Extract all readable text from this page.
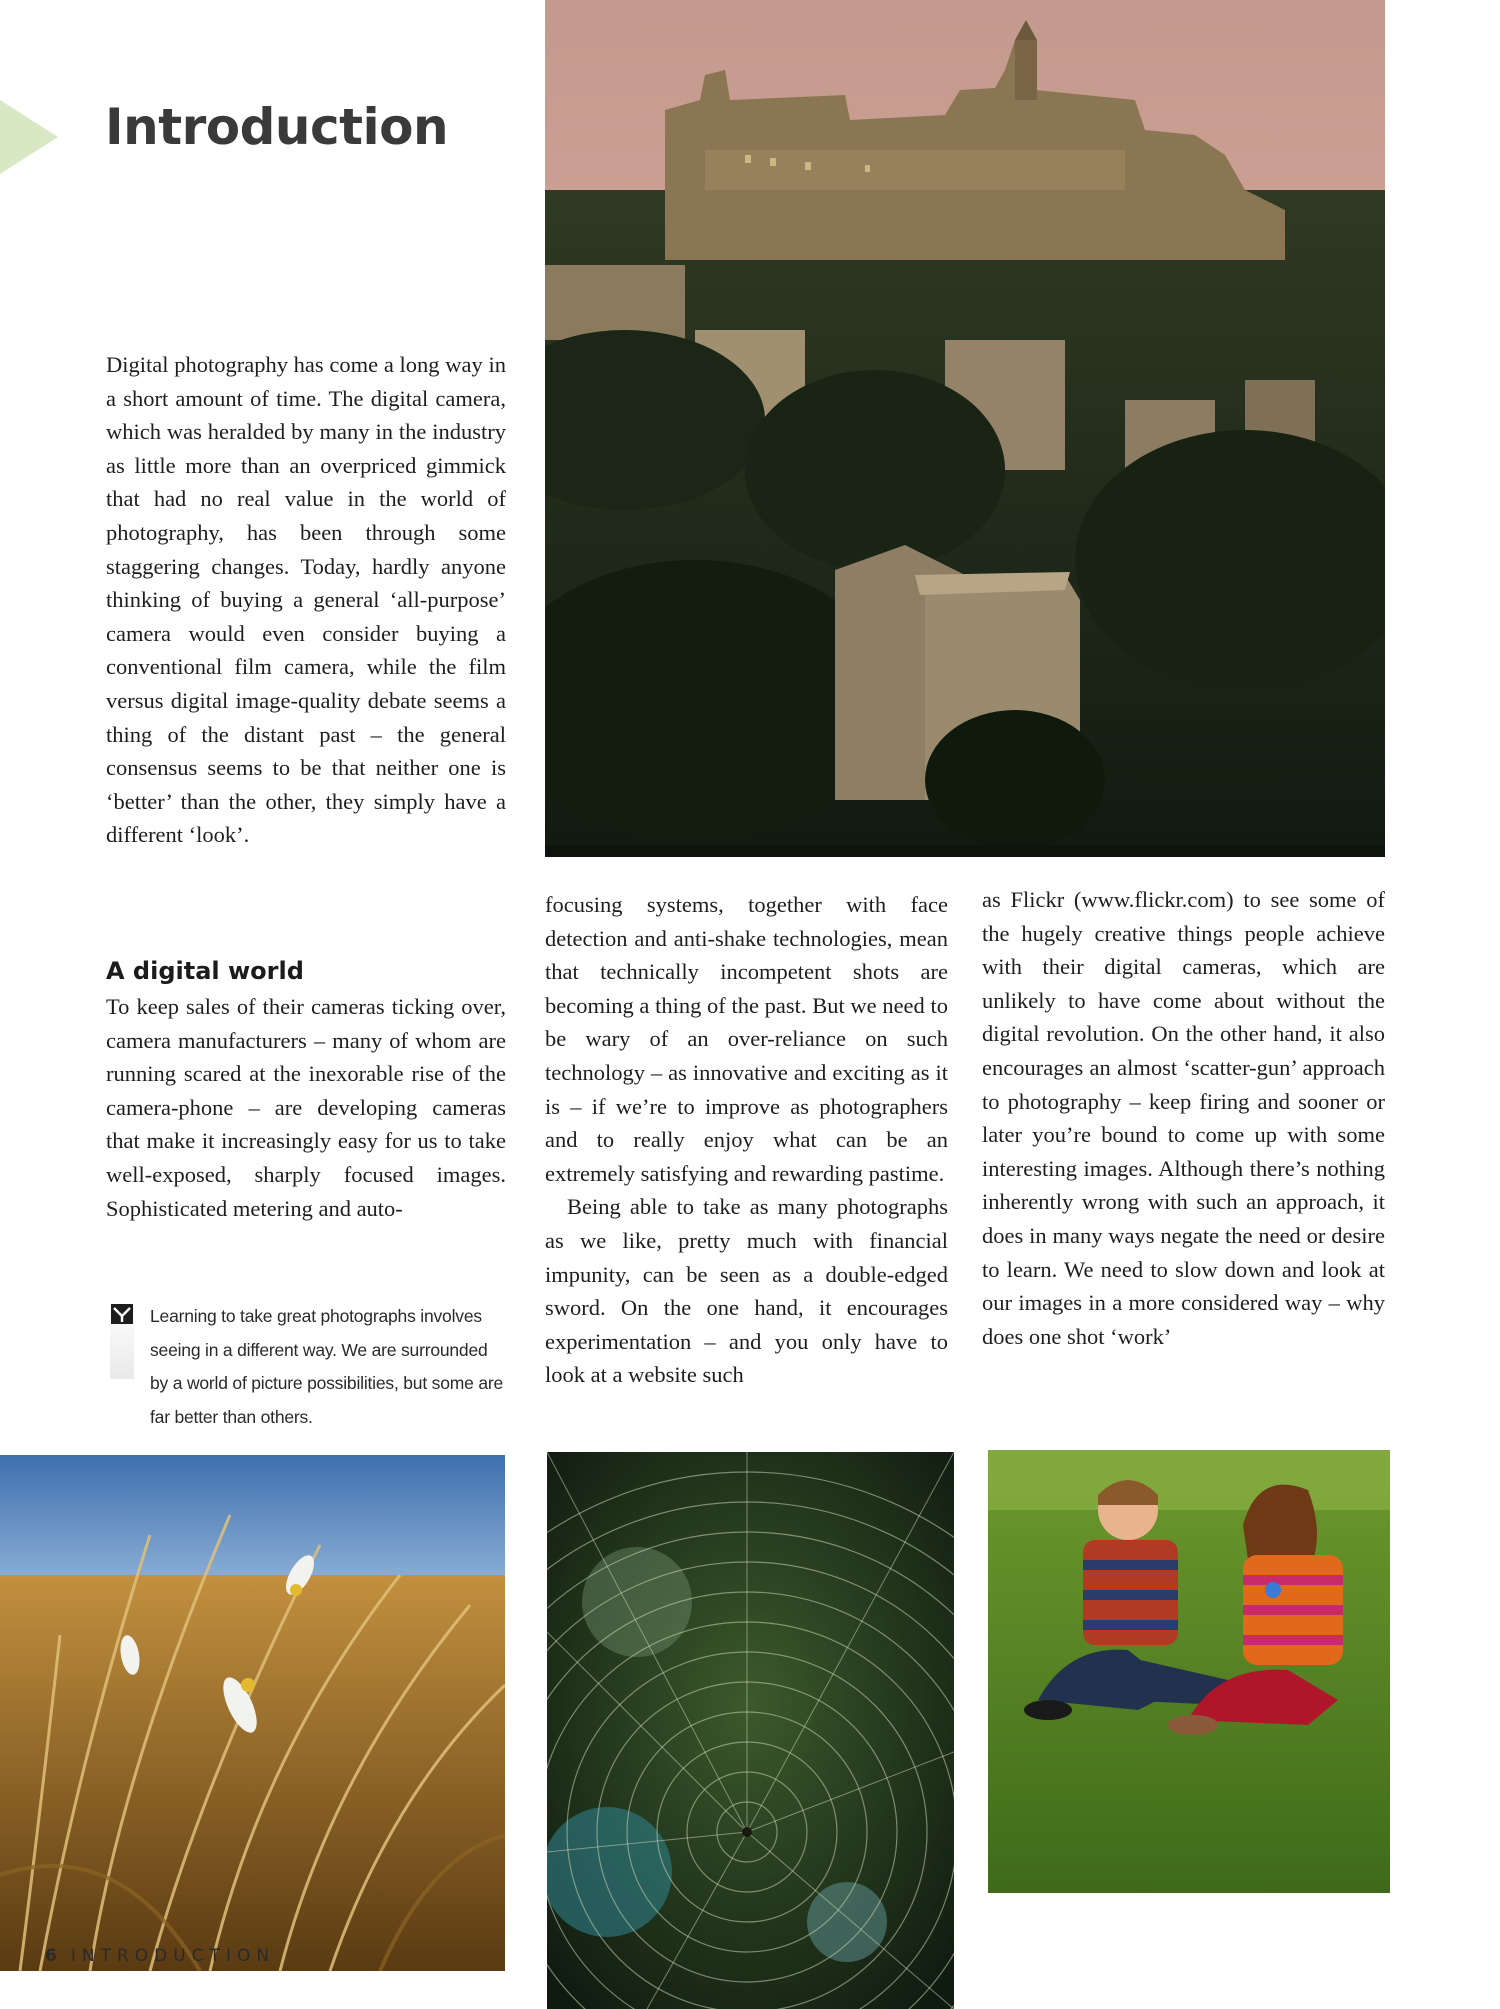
Introduction

Digital photography has come a long way in a short amount of time. The digital camera, which was heralded by many in the industry as little more than an overpriced gimmick that had no real value in the world of photography, has been through some staggering changes. Today, hardly anyone thinking of buying a general ‘all-purpose’ camera would even consider buying a conventional film camera, while the film versus digital image-quality debate seems a thing of the distant past – the general consensus seems to be that neither one is ‘better’ than the other, they simply have a different ‘look’.

A digital world

To keep sales of their cameras ticking over, camera manufacturers – many of whom are running scared at the inexorable rise of the camera-phone – are developing cameras that make it increasingly easy for us to take well-exposed, sharply focused images. Sophisticated metering and auto-

Learning to take great photographs involves seeing in a different way. We are surrounded by a world of picture possibilities, but some are far better than others.

focusing systems, together with face detection and anti-shake technologies, mean that technically incompetent shots are becoming a thing of the past. But we need to be wary of an over-reliance on such technology – as innovative and exciting as it is – if we’re to improve as photographers and to really enjoy what can be an extremely satisfying and rewarding pastime.

Being able to take as many photographs as we like, pretty much with financial impunity, can be seen as a double-edged sword. On the one hand, it encourages experimentation – and you only have to look at a website such

as Flickr (www.flickr.com) to see some of the hugely creative things people achieve with their digital cameras, which are unlikely to have come about without the digital revolution. On the other hand, it also encourages an almost ‘scatter-gun’ approach to photography – keep firing and sooner or later you’re bound to come up with some interesting images. Although there’s nothing inherently wrong with such an approach, it does in many ways negate the need or desire to learn. We need to slow down and look at our images in a more considered way – why does one shot ‘work’

6 INTRODUCTION
